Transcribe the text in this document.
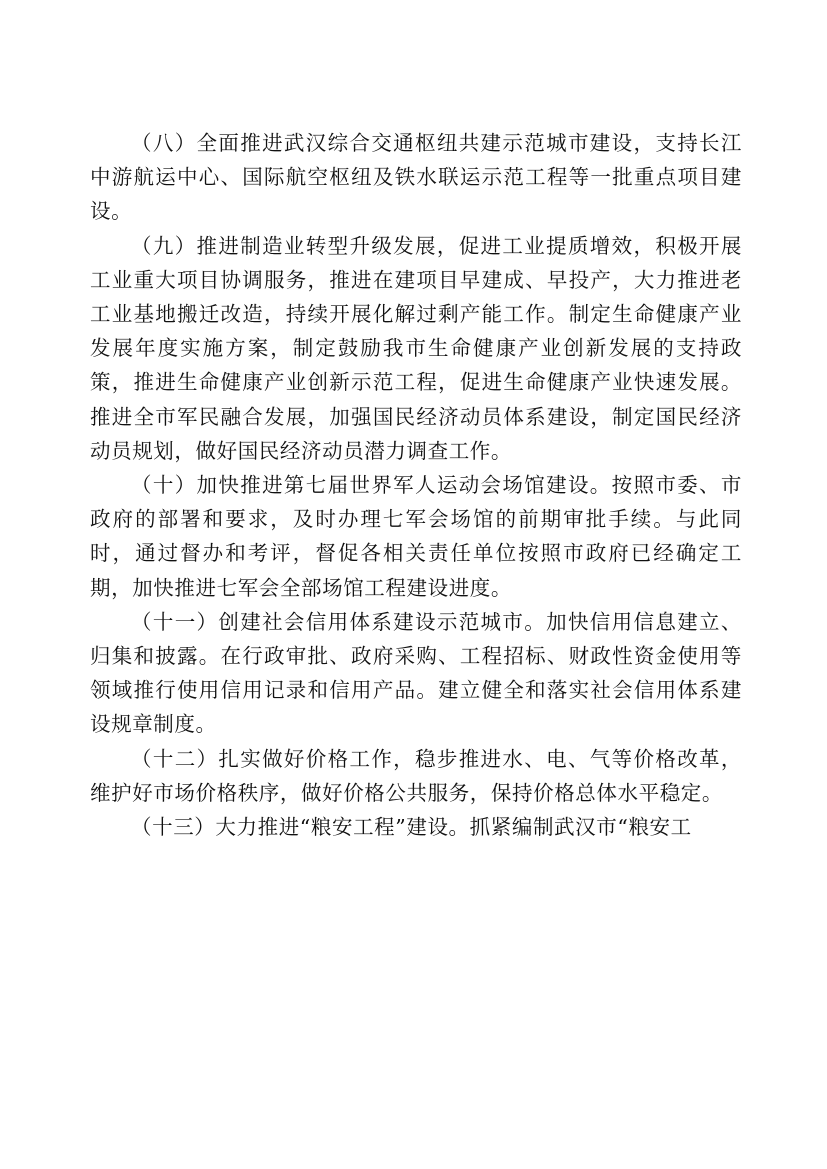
（八）全面推进武汉综合交通枢纽共建示范城市建设，支持长江中游航运中心、国际航空枢纽及铁水联运示范工程等一批重点项目建设。

（九）推进制造业转型升级发展，促进工业提质增效，积极开展工业重大项目协调服务，推进在建项目早建成、早投产，大力推进老工业基地搬迁改造，持续开展化解过剩产能工作。制定生命健康产业发展年度实施方案，制定鼓励我市生命健康产业创新发展的支持政策，推进生命健康产业创新示范工程，促进生命健康产业快速发展。推进全市军民融合发展，加强国民经济动员体系建设，制定国民经济动员规划，做好国民经济动员潜力调查工作。

（十）加快推进第七届世界军人运动会场馆建设。按照市委、市政府的部署和要求，及时办理七军会场馆的前期审批手续。与此同时，通过督办和考评，督促各相关责任单位按照市政府已经确定工期，加快推进七军会全部场馆工程建设进度。

（十一）创建社会信用体系建设示范城市。加快信用信息建立、归集和披露。在行政审批、政府采购、工程招标、财政性资金使用等领域推行使用信用记录和信用产品。建立健全和落实社会信用体系建设规章制度。

（十二）扎实做好价格工作，稳步推进水、电、气等价格改革，维护好市场价格秩序，做好价格公共服务，保持价格总体水平稳定。

（十三）大力推进“粮安工程”建设。抓紧编制武汉市“粮安工
